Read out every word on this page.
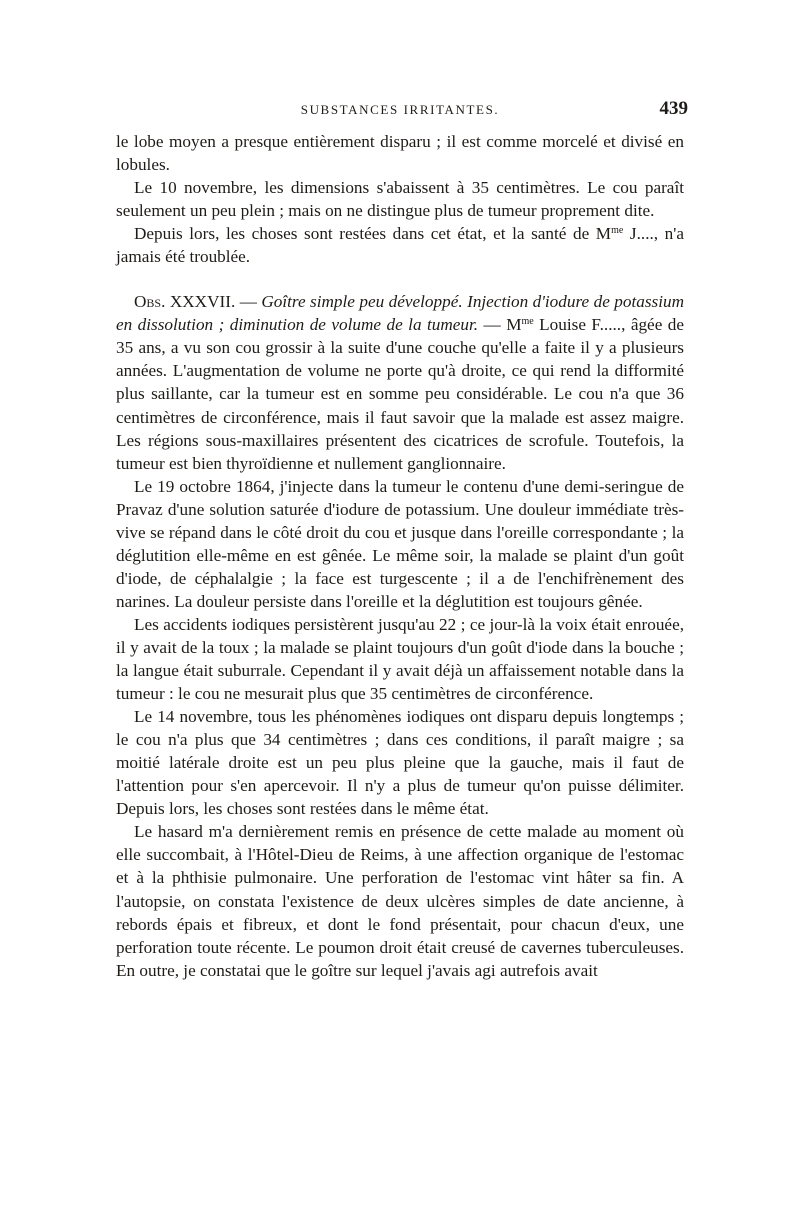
SUBSTANCES IRRITANTES.	439

le lobe moyen a presque entièrement disparu ; il est comme morcelé et divisé en lobules.

Le 10 novembre, les dimensions s'abaissent à 35 centimètres. Le cou paraît seulement un peu plein ; mais on ne distingue plus de tumeur proprement dite.

Depuis lors, les choses sont restées dans cet état, et la santé de $M^{me}$ J...., n'a jamais été troublée.

Obs. XXXVII. — Goître simple peu développé. Injection d'iodure de potassium en dissolution ; diminution de volume de la tumeur. — $M^{me}$ Louise F....., âgée de 35 ans, a vu son cou grossir à la suite d'une couche qu'elle a faite il y a plusieurs années. L'augmentation de volume ne porte qu'à droite, ce qui rend la difformité plus saillante, car la tumeur est en somme peu considérable. Le cou n'a que 36 centimètres de circonférence, mais il faut savoir que la malade est assez maigre. Les régions sous-maxillaires présentent des cicatrices de scrofule. Toutefois, la tumeur est bien thyroïdienne et nullement ganglionnaire.

Le 19 octobre 1864, j'injecte dans la tumeur le contenu d'une demi-seringue de Pravaz d'une solution saturée d'iodure de potassium. Une douleur immédiate très-vive se répand dans le côté droit du cou et jusque dans l'oreille correspondante ; la déglutition elle-même en est gênée. Le même soir, la malade se plaint d'un goût d'iode, de céphalalgie ; la face est turgescente ; il a de l'enchifrènement des narines. La douleur persiste dans l'oreille et la déglutition est toujours gênée.

Les accidents iodiques persistèrent jusqu'au 22 ; ce jour-là la voix était enrouée, il y avait de la toux ; la malade se plaint toujours d'un goût d'iode dans la bouche ; la langue était suburrale. Cependant il y avait déjà un affaissement notable dans la tumeur : le cou ne mesurait plus que 35 centimètres de circonférence.

Le 14 novembre, tous les phénomènes iodiques ont disparu depuis longtemps ; le cou n'a plus que 34 centimètres ; dans ces conditions, il paraît maigre ; sa moitié latérale droite est un peu plus pleine que la gauche, mais il faut de l'attention pour s'en apercevoir. Il n'y a plus de tumeur qu'on puisse délimiter. Depuis lors, les choses sont restées dans le même état.

Le hasard m'a dernièrement remis en présence de cette malade au moment où elle succombait, à l'Hôtel-Dieu de Reims, à une affection organique de l'estomac et à la phthisie pulmonaire. Une perforation de l'estomac vint hâter sa fin. A l'autopsie, on constata l'existence de deux ulcères simples de date ancienne, à rebords épais et fibreux, et dont le fond présentait, pour chacun d'eux, une perforation toute récente. Le poumon droit était creusé de cavernes tuberculeuses. En outre, je constatai que le goître sur lequel j'avais agi autrefois avait
